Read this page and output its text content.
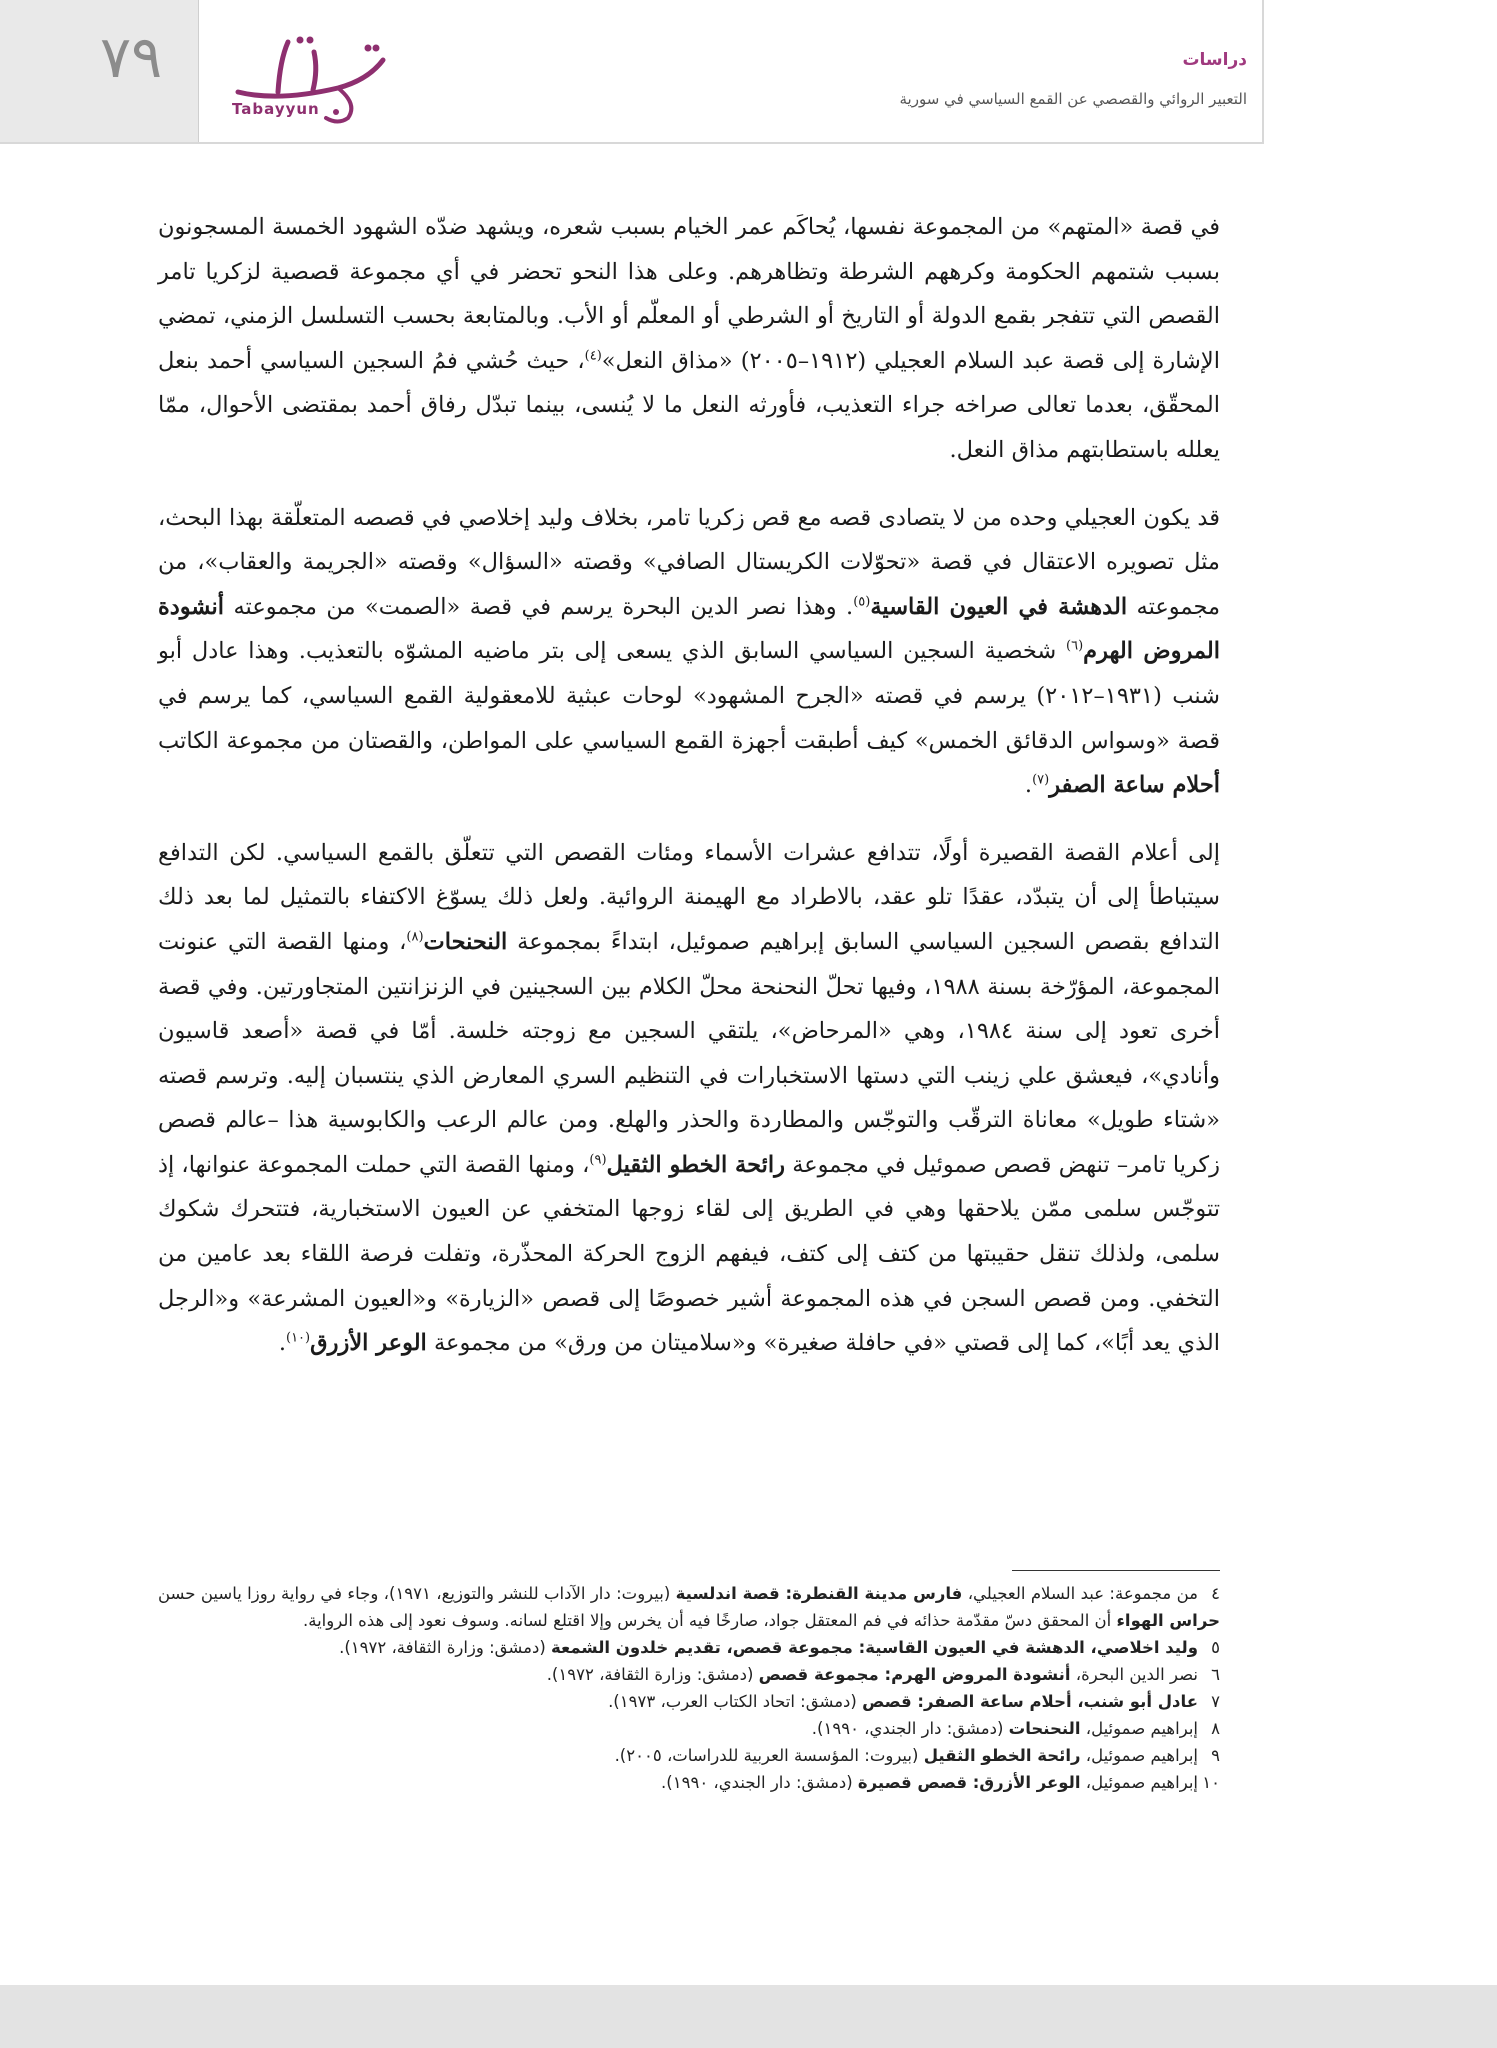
٧٩
Tabayyun
دراسات
التعبير الروائي والقصصي عن القمع السياسي في سورية

في قصة «المتهم» من المجموعة نفسها، يُحاكَم عمر الخيام بسبب شعره، ويشهد ضدّه الشهود الخمسة المسجونون بسبب شتمهم الحكومة وكرههم الشرطة وتظاهرهم. وعلى هذا النحو تحضر في أي مجموعة قصصية لزكريا تامر القصص التي تتفجر بقمع الدولة أو التاريخ أو الشرطي أو المعلّم أو الأب. وبالمتابعة بحسب التسلسل الزمني، تمضي الإشارة إلى قصة عبد السلام العجيلي (١٩١٢–٢٠٠٥) «مذاق النعل»$^{(٤)}$، حيث حُشي فمُ السجين السياسي أحمد بنعل المحقّق، بعدما تعالى صراخه جراء التعذيب، فأورثه النعل ما لا يُنسى، بينما تبدّل رفاق أحمد بمقتضى الأحوال، ممّا يعلله باستطابتهم مذاق النعل.

قد يكون العجيلي وحده من لا يتصادى قصه مع قص زكريا تامر، بخلاف وليد إخلاصي في قصصه المتعلّقة بهذا البحث، مثل تصويره الاعتقال في قصة «تحوّلات الكريستال الصافي» وقصته «السؤال» وقصته «الجريمة والعقاب»، من مجموعته الدهشة في العيون القاسية$^{(٥)}$. وهذا نصر الدين البحرة يرسم في قصة «الصمت» من مجموعته أنشودة المروض الهرم$^{(٦)}$ شخصية السجين السياسي السابق الذي يسعى إلى بتر ماضيه المشوّه بالتعذيب. وهذا عادل أبو شنب (١٩٣١–٢٠١٢) يرسم في قصته «الجرح المشهود» لوحات عبثية للامعقولية القمع السياسي، كما يرسم في قصة «وسواس الدقائق الخمس» كيف أطبقت أجهزة القمع السياسي على المواطن، والقصتان من مجموعة الكاتب أحلام ساعة الصفر$^{(٧)}$.

إلى أعلام القصة القصيرة أولًا، تتدافع عشرات الأسماء ومئات القصص التي تتعلّق بالقمع السياسي. لكن التدافع سيتباطأ إلى أن يتبدّد، عقدًا تلو عقد، بالاطراد مع الهيمنة الروائية. ولعل ذلك يسوّغ الاكتفاء بالتمثيل لما بعد ذلك التدافع بقصص السجين السياسي السابق إبراهيم صموئيل، ابتداءً بمجموعة النحنحات$^{(٨)}$، ومنها القصة التي عنونت المجموعة، المؤرّخة بسنة ١٩٨٨، وفيها تحلّ النحنحة محلّ الكلام بين السجينين في الزنزانتين المتجاورتين. وفي قصة أخرى تعود إلى سنة ١٩٨٤، وهي «المرحاض»، يلتقي السجين مع زوجته خلسة. أمّا في قصة «أصعد قاسيون وأنادي»، فيعشق علي زينب التي دستها الاستخبارات في التنظيم السري المعارض الذي ينتسبان إليه. وترسم قصته «شتاء طويل» معاناة الترقّب والتوجّس والمطاردة والحذر والهلع. ومن عالم الرعب والكابوسية هذا –عالم قصص زكريا تامر– تنهض قصص صموئيل في مجموعة رائحة الخطو الثقيل$^{(٩)}$، ومنها القصة التي حملت المجموعة عنوانها، إذ تتوجّس سلمى ممّن يلاحقها وهي في الطريق إلى لقاء زوجها المتخفي عن العيون الاستخبارية، فتتحرك شكوك سلمى، ولذلك تنقل حقيبتها من كتف إلى كتف، فيفهم الزوج الحركة المحذّرة، وتفلت فرصة اللقاء بعد عامين من التخفي. ومن قصص السجن في هذه المجموعة أشير خصوصًا إلى قصص «الزيارة» و«العيون المشرعة» و«الرجل الذي يعد أبًا»، كما إلى قصتي «في حافلة صغيرة» و«سلاميتان من ورق» من مجموعة الوعر الأزرق$^{(١٠)}$.

٤من مجموعة: عبد السلام العجيلي، فارس مدينة القنطرة: قصة اندلسية (بيروت: دار الآداب للنشر والتوزيع، ١٩٧١)، وجاء في رواية روزا ياسين حسن حراس الهواء أن المحقق دسّ مقدّمة حذائه في فم المعتقل جواد، صارخًا فيه أن يخرس وإلا اقتلع لسانه. وسوف نعود إلى هذه الرواية.

٥وليد اخلاصي، الدهشة في العيون القاسية: مجموعة قصص، تقديم خلدون الشمعة (دمشق: وزارة الثقافة، ١٩٧٢).

٦نصر الدين البحرة، أنشودة المروض الهرم: مجموعة قصص (دمشق: وزارة الثقافة، ١٩٧٢).

٧عادل أبو شنب، أحلام ساعة الصفر: قصص (دمشق: اتحاد الكتاب العرب، ١٩٧٣).

٨إبراهيم صموئيل، النحنحات (دمشق: دار الجندي، ١٩٩٠).

٩إبراهيم صموئيل، رائحة الخطو الثقيل (بيروت: المؤسسة العربية للدراسات، ٢٠٠٥).

١٠إبراهيم صموئيل، الوعر الأزرق: قصص قصيرة (دمشق: دار الجندي، ١٩٩٠).
